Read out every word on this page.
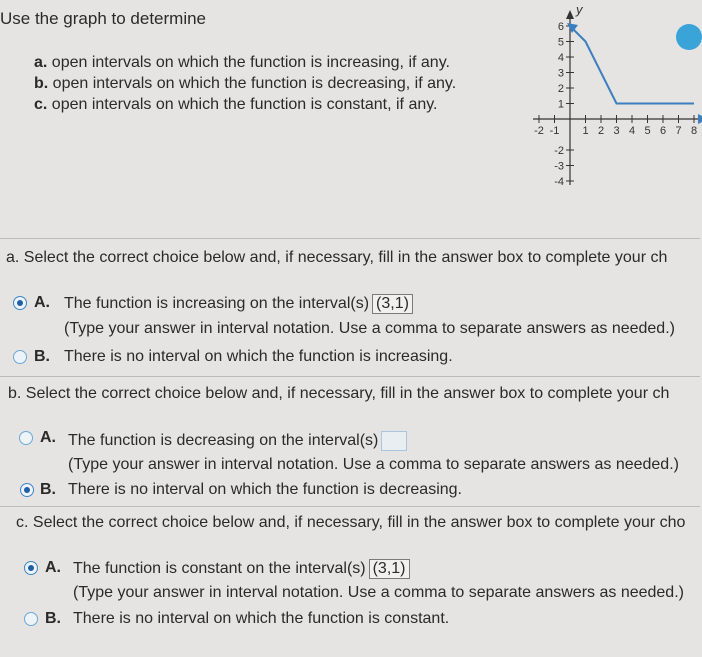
Use the graph to determine
a. open intervals on which the function is increasing, if any.
b. open intervals on which the function is decreasing, if any.
c. open intervals on which the function is constant, if any.
y
-2 -1 1 2 3 4 5 6 7 8
6
5
4
3
2
1
-2
-3
-4
a. Select the correct choice below and, if necessary, fill in the answer box to complete your ch
A. The function is increasing on the interval(s) (3,1)
(Type your answer in interval notation. Use a comma to separate answers as needed.)
B. There is no interval on which the function is increasing.
b. Select the correct choice below and, if necessary, fill in the answer box to complete your ch
A. The function is decreasing on the interval(s)
(Type your answer in interval notation. Use a comma to separate answers as needed.)
B. There is no interval on which the function is decreasing.
c. Select the correct choice below and, if necessary, fill in the answer box to complete your cho
A. The function is constant on the interval(s) (3,1)
(Type your answer in interval notation. Use a comma to separate answers as needed.)
B. There is no interval on which the function is constant.
